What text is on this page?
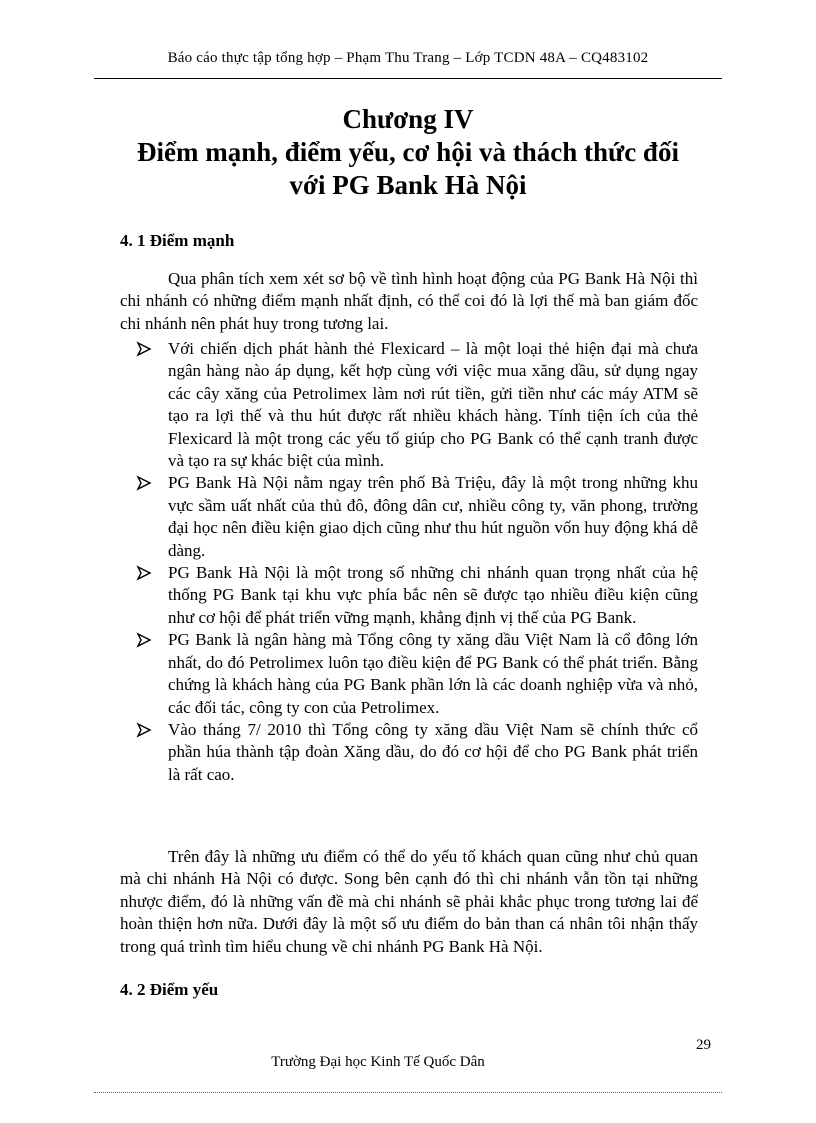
Báo cáo thực tập tổng hợp – Phạm Thu Trang – Lớp TCDN 48A – CQ483102
Chương IV
Điểm mạnh, điểm yếu, cơ hội và thách thức đối
với PG Bank Hà Nội
4. 1 Điểm mạnh

Qua phân tích xem xét sơ bộ về tình hình hoạt động của PG Bank Hà Nội thì chi nhánh có những điểm mạnh nhất định, có thể coi đó là lợi thế mà ban giám đốc chi nhánh nên phát huy trong tương lai.

Với chiến dịch phát hành thẻ Flexicard – là một loại thẻ hiện đại mà chưa ngân hàng nào áp dụng, kết hợp cùng với việc mua xăng dầu, sử dụng ngay các cây xăng của Petrolimex làm nơi rút tiền, gửi tiền như các máy ATM sẽ tạo ra lợi thế và thu hút được rất nhiều khách hàng. Tính tiện ích của thẻ Flexicard là một trong các yếu tố giúp cho PG Bank có thể cạnh tranh được và tạo ra sự khác biệt của mình.
PG Bank Hà Nội nằm ngay trên phố Bà Triệu, đây là một trong những khu vực sầm uất nhất của thủ đô, đông dân cư, nhiều công ty, văn phong, trường đại học nên điều kiện giao dịch cũng như thu hút nguồn vốn huy động khá dễ dàng.
PG Bank Hà Nội là một trong số những chi nhánh quan trọng nhất của hệ thống PG Bank tại khu vực phía bắc nên sẽ được tạo nhiều điều kiện cũng như cơ hội để phát triển vững mạnh, khẳng định vị thế của PG Bank.
PG Bank là ngân hàng mà Tổng công ty xăng dầu Việt Nam là cổ đông lớn nhất, do đó Petrolimex luôn tạo điều kiện để PG Bank có thể phát triển. Bằng chứng là khách hàng của PG Bank phần lớn là các doanh nghiệp vừa và nhỏ, các đối tác, công ty con của Petrolimex.
Vào tháng 7/ 2010 thì Tổng công ty xăng dầu Việt Nam sẽ chính thức cổ phần húa thành tập đoàn Xăng dầu, do đó cơ hội để cho PG Bank phát triển là rất cao.

Trên đây là những ưu điểm có thể do yếu tố khách quan cũng như chủ quan mà chi nhánh Hà Nội có được. Song bên cạnh đó thì chi nhánh vẫn tồn tại những nhược điểm, đó là những vấn đề mà chi nhánh sẽ phải khắc phục trong tương lai để hoàn thiện hơn nữa. Dưới đây là một số ưu điểm do bản than cá nhân tôi nhận thấy trong quá trình tìm hiểu chung về chi nhánh PG Bank Hà Nội.

4. 2 Điểm yếu
29
Trường Đại học Kinh Tế Quốc Dân
